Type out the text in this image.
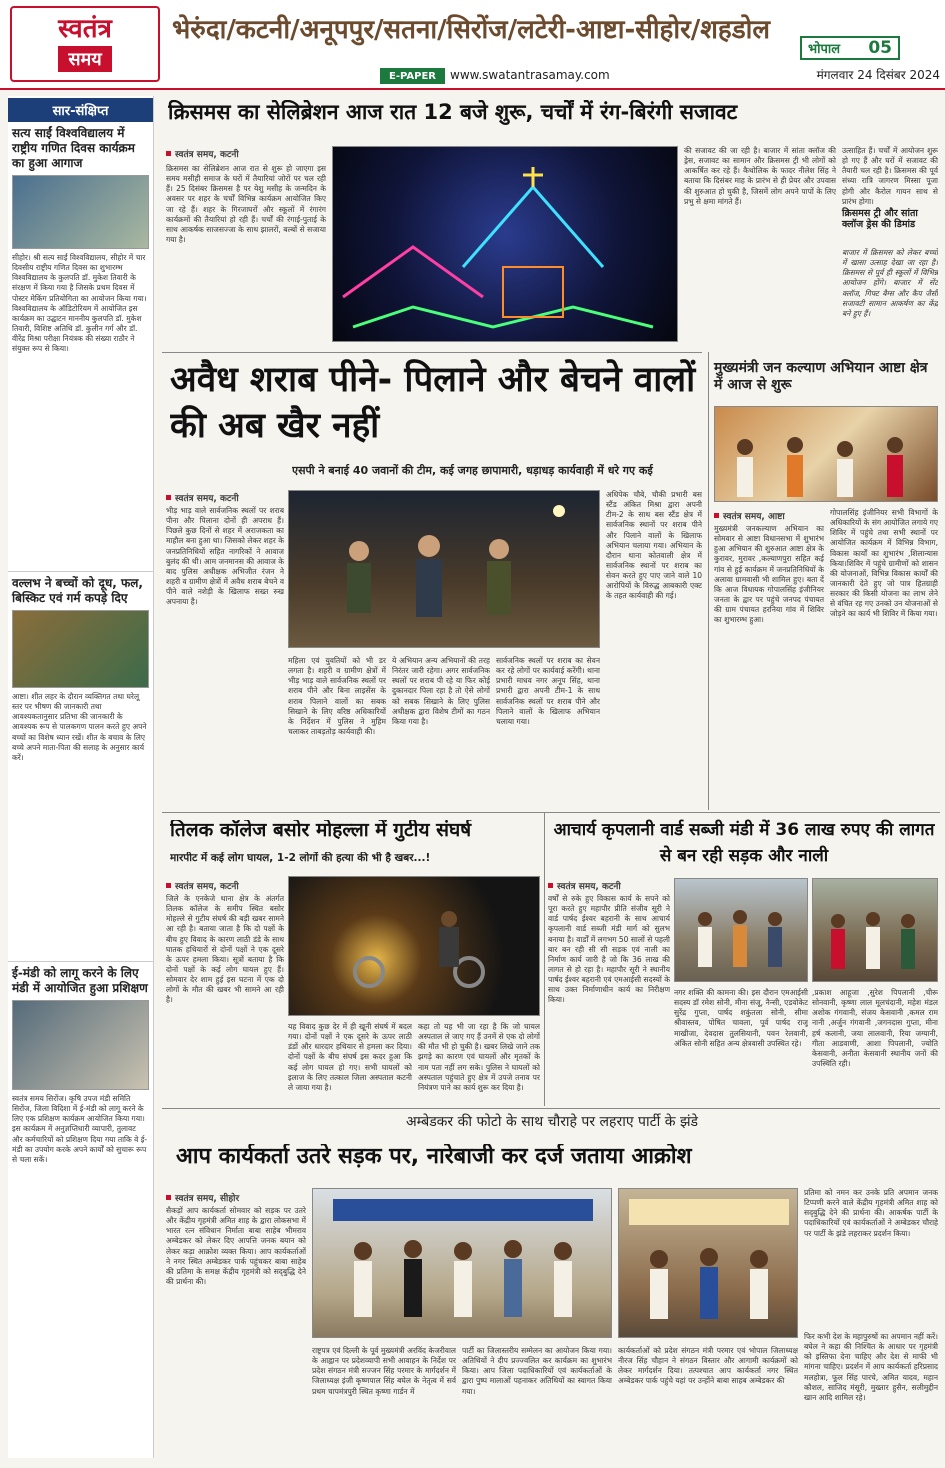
स्वतंत्र
समय
भेरुंदा/कटनी/अनूपपुर/सतना/सिरोंज/लटेरी-आष्टा-सीहोर/शहडोल
भोपाल 05
E-PAPER	www.swatantrasamay.com	मंगलवार 24 दिसंबर 2024
सार-संक्षिप्त
सत्य साईं विश्वविद्यालय में राष्ट्रीय गणित दिवस कार्यक्रम का हुआ आगाज
सीहोर। श्री सत्य साईं विश्वविद्यालय, सीहोर में चार दिवसीय राष्ट्रीय गणित दिवस का शुभारम्भ विश्वविद्यालय के कुलपति डॉ. मुकेश तिवारी के संरक्षण में किया गया है जिसके प्रथम दिवस में पोस्टर मेकिंग प्रतियोगिता का आयोजन किया गया। विश्वविद्यालय के ऑडिटोरियम में आयोजित इस कार्यक्रम का उद्घाटन माननीय कुलपति डॉ. मुकेश तिवारी, विशिष्ट अतिथि डॉ. कुलीन गर्ग और डॉ. वीरेंद्र मिश्रा परीक्षा नियंत्रक की संख्या राठौर ने संयुक्त रूप से किया।
वल्लभ ने बच्चों को दूध, फल, बिस्किट एवं गर्म कपड़े दिए
आष्टा। शीत लहर के दौरान व्यक्तिगत तथा घरेलू स्तर पर भीषण की जानकारी तथा आवश्यकतानुसार प्रतिभा की जानकारी के आवश्यक रूप से पालकगण पालन करते हुए अपने बच्चों का विशेष ध्यान रखें। शीत के बचाव के लिए बच्चे अपने माता-पिता की सलाह के अनुसार कार्य करें।
ई-मंडी को लागू करने के लिए मंडी में आयोजित हुआ प्रशिक्षण
स्वतंत्र समय सिरोंज। कृषि उपज मंडी समिति सिरोंज, जिला विदिशा में ई-मंडी को लागू करने के लिए एक प्रशिक्षण कार्यक्रम आयोजित किया गया। इस कार्यक्रम में अनुज्ञप्तिधारी व्यापारी, तुलावट और कर्मचारियों को प्रशिक्षण दिया गया ताकि वे ई-मंडी का उपयोग करके अपने कार्यों को सुचारू रूप से चला सकें।
क्रिसमस का सेलिब्रेशन आज रात 12 बजे शुरू, चर्चों में रंग-बिरंगी सजावट
स्वतंत्र समय, कटनी
क्रिसमस का सेलिब्रेशन आज रात से शुरू हो जाएगा इस समय मसीही समाज के घरों में तैयारियां जोरों पर चल रही हैं। 25 दिसंबर क्रिसमस है पर येशु मसीह के जन्मदिन के अवसर पर शहर के चर्चों विभिन्न कार्यक्रम आयोजित किए जा रहे हैं। शहर के गिरजाघरों और स्कूलों में रंगारंग कार्यक्रमों की तैयारियां हो रही हैं। चर्चों की रंगाई-पुताई के साथ आकर्षक साजसज्जा के साथ झालरों, बल्बों से सजाया गया है।
की सजावट की जा रही है। बाजार में सांता क्लॉज की ड्रेस, सजावट का सामान और क्रिसमस ट्री भी लोगों को आकर्षित कर रहे हैं। कैथोलिक के फादर नीलेश सिंह ने बताया कि दिसंबर माह के प्रारंभ से ही प्रेयर और उपवास की शुरुआत हो चुकी है, जिसमें लोग अपने पापों के लिए प्रभु से क्षमा मांगते हैं।
उत्साहित हैं। चर्चों में आयोजन शुरू हो गए हैं और घरों में सजावट की तैयारी चल रही है। क्रिसमस की पूर्व संध्या रात्रि जागरण मिस्सा पूजा होगी और कैरोल गायन साथ से प्रारंभ होगा।
क्रिसमस ट्री और सांता क्लॉज ड्रेस की डिमांड
बाजार में क्रिसमस को लेकर बच्चों में खासा उत्साह देखा जा रहा है। क्रिसमस से पूर्व ही स्कूलों में विभिन्न आयोजन होंगे। बाजार में सेंट क्लॉज, गिफ्ट बैग्स और कैप जैसी सजावटी सामान आकर्षण का केंद्र बने हुए हैं।
अवैध शराब पीने- पिलाने और बेचने वालों की अब खैर नहीं
एसपी ने बनाई 40 जवानों की टीम, कई जगह छापामारी, धड़ाधड़ कार्यवाही में धरे गए कई
स्वतंत्र समय, कटनी
भीड़ भाड़ वाले सार्वजनिक स्थलों पर शराब पीना और पिलाना दोनों ही अपराध हैं। पिछले कुछ दिनों से शहर में अराजकता का माहौल बना हुआ था। जिसको लेकर शहर के जनप्रतिनिधियों सहित नागरिकों ने आवाज बुलंद की थी। आम जनमानस की आवाज के बाद पुलिस अधीक्षक अभिजीत रंजन ने शहरी व ग्रामीण क्षेत्रों में अवैध शराब बेचने व पीने वाले नशेड़ी के खिलाफ सख्त रुख अपनाया है।
महिला एवं युवतियों को भी डर लगता है। शहरी व ग्रामीण क्षेत्रों में भीड़ भाड़ वाले सार्वजनिक स्थलों पर शराब पीने और बिना लाइसेंस के शराब पिलाने वालों का सबक सिखाने के लिए वरिष्ठ अधिकारियों के निर्देशन में पुलिस ने मुहिम चलाकर ताबड़तोड़ कार्यवाही की।
ये अभियान अन्य अभियानों की तरह निरंतर जारी रहेगा। अगर सार्वजनिक स्थलों पर शराब पी रहे या फिर कोई दुकानदार पिला रहा है तो ऐसे लोगों को सबक सिखाने के लिए पुलिस अधीक्षक द्वारा विशेष टीमों का गठन किया गया है।
सार्वजनिक स्थलों पर शराब का सेवन कर रहे लोगों पर कार्यवाई करेंगी। थाना प्रभारी माधव नगर अनूप सिंह, थाना प्रभारी द्वारा अपनी टीम-1 के साथ सार्वजनिक स्थलों पर शराब पीने और पिलाने वालों के खिलाफ अभियान चलाया गया।
अधिपेक चौबे, चौकी प्रभारी बस स्टैंड अंकित मिश्रा द्वारा अपनी टीम-2 के साथ बस स्टैंड क्षेत्र में सार्वजनिक स्थानों पर शराब पीने और पिलाने वालों के खिलाफ अभियान चलाया गया। अभियान के दौरान थाना कोतवाली क्षेत्र में सार्वजनिक स्थानों पर शराब का सेवन करते हुए पाए जाने वाले 10 आरोपियों के विरुद्ध आबकारी एक्ट के तहत कार्यवाही की गई।
मुख्यमंत्री जन कल्याण अभियान आष्टा क्षेत्र में आज से शुरू
स्वतंत्र समय, आष्टा
मुख्यमंत्री जनकल्याण अभियान का सोमवार से आष्टा विधानसभा में शुभारंभ हुआ अभियान की शुरुआत आष्टा क्षेत्र के कुरावर, मुरावर ,कल्याणपुरा सहित कई गांव से हुई कार्यक्रम में जनप्रतिनिधियों के अलावा ग्रामवासी भी शामिल हुए। बता दें कि आज विधायक गोपालसिंह इंजीनियर जनता के द्वार पर पहुंचे जनपद पंचायत की ग्राम पंचायत हरनिया गांव में शिविर का शुभारम्भ हुआ।
गोपालसिंह इंजीनियर सभी विभागों के अधिकारियों के संग आयोजित लगाये गए शिविर में पहुंचे तथा सभी स्थानों पर आयोजित कार्यक्रम में विभिन्न विभाग, विकास कार्यों का शुभारंभ ,शिलान्यास किया।शिविर में पहुंचे ग्रामीणों को शासन की योजनाओं, विभिन्न विकास कार्यों की जानकारी देते हुए जो पात्र हितग्राही सरकार की किसी योजना का लाभ लेने से वंचित रह गए उनको उन योजनाओं से जोड़ने का कार्य भी शिविर में किया गया।
तिलक कॉलेज बसोर मोहल्ला में गुटीय संघर्ष
मारपीट में कई लोग घायल, 1-2 लोगों की हत्या की भी है खबर...!
स्वतंत्र समय, कटनी
जिले के एनकेजे थाना क्षेत्र के अंतर्गत तिलक कॉलेज के समीप स्थित बसोर मोहल्ले से गुटीय संघर्ष की बड़ी खबर सामने आ रही है। बताया जाता है कि दो पक्षों के बीच हुए विवाद के कारण लाठी डंडे के साथ घातक हथियारों से दोनों पक्षों ने एक दूसरे के ऊपर हमला किया। सूत्रों बताया है कि दोनों पक्षों के कई लोग घायल हुए हैं। सोमवार देर शाम हुई इस घटना में एक दो लोगों के मौत की खबर भी सामने आ रही है।
यह विवाद कुछ देर में ही खूनी संघर्ष में बदल गया। दोनों पक्षों ने एक दूसरे के ऊपर लाठी डंडों और धारदार हथियार से हमला कर दिया। दोनों पक्षों के बीच संघर्ष इस कदर हुआ कि कई लोग घायल हो गए। सभी घायलों को इलाज के लिए तत्काल जिला अस्पताल कटनी ले जाया गया है।
कहा तो यह भी जा रहा है कि जो घायल अस्पताल ले जाए गए हैं उनमें से एक दो लोगों की मौत भी हो चुकी है। खबर लिखे जाने तक झगड़े का कारण एवं घायलों और मृतकों के नाम पता नहीं लग सके। पुलिस ने घायलों को अस्पताल पहुंचाते हुए क्षेत्र में उपजे तनाव पर नियंत्रण पाने का कार्य शुरू कर दिया है।
आचार्य कृपलानी वार्ड सब्जी मंडी में 36 लाख रुपए की लागत से बन रही सड़क और नाली
स्वतंत्र समय, कटनी
वर्षों से रुके हुए विकास कार्य के सपने को पूरा करते हुए महापौर प्रीति संजीव सूरी ने वार्ड पार्षद ईश्वर बहरानी के साथ आचार्य कृपलानी वार्ड सब्जी मंडी मार्ग को सुलभ बनाया है। वार्डों में लगभग 50 सालों से पहली बार बन रही सी सी सड़क एवं नाली का निर्माण कार्य जारी है जो कि 36 लाख की लागत से हो रहा है। महापौर सूरी ने स्थानीय पार्षद ईश्वर बहरानी एवं एमआईसी सदस्यों के साथ उक्त निर्माणाधीन कार्य का निरीक्षण किया।
नगर शक्ति की कामना की। इस दौरान एमआईसी सदस्य डॉ रमेश सोनी, मीना संजू, नैन्सी, एडवोकेट सुरेंद्र गुप्ता, पार्षद शकुंतला सोनी, सीमा श्रीवास्तव, पोषित चावला, पूर्व पार्षद राजू माखीजा, देवदास तुलसियानी, पवन रेलवानी, अंकित सोनी सहित अन्य क्षेत्रवासी उपस्थित रहे।
,प्रकाश आहूजा ,सुरेश पिपलानी ,चीरू सोनवानी, कृष्णा लाल मूलचंदानी, महेश मंडल अशोक गंगवानी, संजय केसवानी ,कमल राम नानी ,अर्जुन गंगवानी ,जगनदास गुप्ता, मीना हर्ष कलानी, जया लालवानी, रिया जग्यानी, गीता आडवाणी, आशा पिपलानी, ज्योति केसवानी, अनीता केसवानी स्थानीय जनों की उपस्थिति रही।
अम्बेडकर की फोटो के साथ चौराहे पर लहराए पार्टी के झंडे
आप कार्यकर्ता उतरे सड़क पर, नारेबाजी कर दर्ज जताया आक्रोश
स्वतंत्र समय, सीहोर
सैकड़ों आप कार्यकर्ता सोमवार को सड़क पर उतरे और केंद्रीय गृहमंत्री अमित शाह के द्वारा लोकसभा में भारत रत्न संविधान निर्माता बाबा साहेब भीमराव अम्बेडकर को लेकर दिए आपत्ति जनक बयान को लेकर कड़ा आक्रोश व्यक्त किया। आप कार्यकर्ताओं ने नगर स्थित अम्बेडकर पार्क पहुंचकर बाबा साहेब की प्रतिमा के समक्ष केंद्रीय गृहमंत्री को सद्‌बुद्धि देने की प्रार्थना की।
राष्ट्रपत्र एवं दिल्ली के पूर्व मुख्यमंत्री अरविंद केजरीवाल के आह्वान पर प्रदेशव्यापी सभी आवाहन के निर्देश पर प्रदेश संगठन मंत्री सज्जन सिंह परमार के मार्गदर्शन में जिलाध्यक्ष इंजी कृष्णपाल सिंह बघेल के नेतृत्व में सर्व प्रथम चापमंत्रपुरी स्थित कृष्णा गार्डन में
पार्टी का जिलास्तरीय सम्मेलन का आयोजन किया गया। अतिथियों ने दीप प्रज्ज्वलित कर कार्यक्रम का शुभारंभ किया। आप जिला पदाधिकारियों एवं कार्यकर्ताओं के द्वारा पुष्प मालाओं पहनाकर अतिथियों का स्वागत किया गया।
कार्यकर्ताओं को प्रदेश संगठन मंत्री परमार एवं भोपाल जिलाध्यक्ष नीरज सिंह चौहान ने संगठन विस्तार और आगामी कार्यक्रमों को लेकर मार्गदर्शन दिया। तत्पश्चात आप कार्यकर्ता नगर स्थित अम्बेडकर पार्क पहुंचे यहां पर उन्होंने बाबा साहब अम्बेडकर की
प्रतिमा को नमन कर उनके प्रति अपमान जनक टिप्पणी करने वाले केंद्रीय गृहमंत्री अमित शाह को सद्‌बुद्धि देने की प्रार्थना की। आकर्षक पार्टी के पदाधिकारियों एवं कार्यकर्ताओं ने अम्बेडकर चौराहे पर पार्टी के झंडे लहराकर प्रदर्शन किया।
फिर कभी देश के महापुरुषों का अपमान नहीं करें। बघेल ने कहा की निश्चित के आधार पर गृहमंत्री को इस्तिफा देना चाहिए और देश से माफी भी मांगना चाहिए। प्रदर्शन में आप कार्यकर्ता हरिप्रसाद मलहोत्रा, फूल सिंह पारचे, अमित यादव, महान कौशल, साजिद मंसूरी, मुख्तार हुसैन, सलीमुद्दीन खान आदि शामिल रहे।
